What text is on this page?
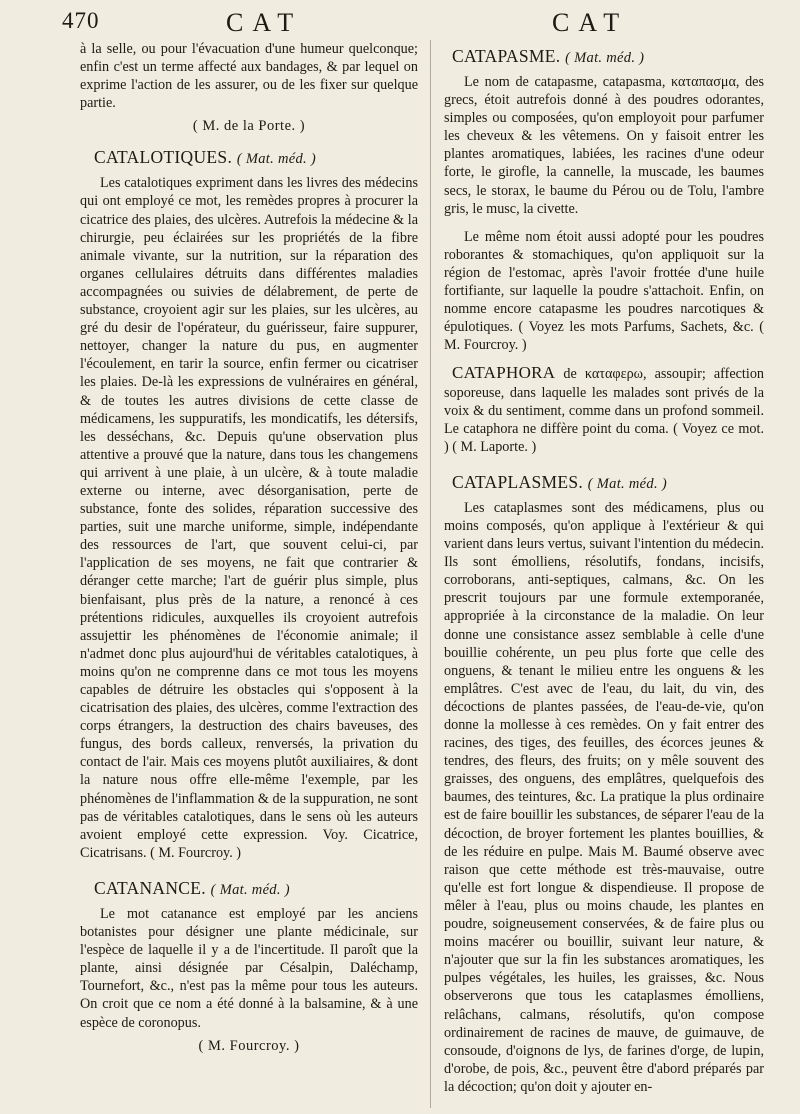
470	CAT	CAT

à la selle, ou pour l'évacuation d'une humeur quelconque; enfin c'est un terme affecté aux bandages, & par lequel on exprime l'action de les assurer, ou de les fixer sur quelque partie.

( M. de la Porte. )
CATALOTIQUES. ( Mat. méd. )

Les catalotiques expriment dans les livres des médecins qui ont employé ce mot, les remèdes propres à procurer la cicatrice des plaies, des ulcères. Autrefois la médecine & la chirurgie, peu éclairées sur les propriétés de la fibre animale vivante, sur la nutrition, sur la réparation des organes cellulaires détruits dans différentes maladies accompagnées ou suivies de délabrement, de perte de substance, croyoient agir sur les plaies, sur les ulcères, au gré du desir de l'opérateur, du guérisseur, faire suppurer, nettoyer, changer la nature du pus, en augmenter l'écoulement, en tarir la source, enfin fermer ou cicatriser les plaies. De-là les expressions de vulnéraires en général, & de toutes les autres divisions de cette classe de médicamens, les suppuratifs, les mondicatifs, les détersifs, les desséchans, &c. Depuis qu'une observation plus attentive a prouvé que la nature, dans tous les changemens qui arrivent à une plaie, à un ulcère, & à toute maladie externe ou interne, avec désorganisation, perte de substance, fonte des solides, réparation successive des parties, suit une marche uniforme, simple, indépendante des ressources de l'art, que souvent celui-ci, par l'application de ses moyens, ne fait que contrarier & déranger cette marche; l'art de guérir plus simple, plus bienfaisant, plus près de la nature, a renoncé à ces prétentions ridicules, auxquelles ils croyoient autrefois assujettir les phénomènes de l'économie animale; il n'admet donc plus aujourd'hui de véritables catalotiques, à moins qu'on ne comprenne dans ce mot tous les moyens capables de détruire les obstacles qui s'opposent à la cicatrisation des plaies, des ulcères, comme l'extraction des corps étrangers, la destruction des chairs baveuses, des fungus, des bords calleux, renversés, la privation du contact de l'air. Mais ces moyens plutôt auxiliaires, & dont la nature nous offre elle-même l'exemple, par les phénomènes de l'inflammation & de la suppuration, ne sont pas de véritables catalotiques, dans le sens où les auteurs avoient employé cette expression. Voy. Cicatrice, Cicatrisans. ( M. Fourcroy. )

CATANANCE. ( Mat. méd. )

Le mot catanance est employé par les anciens botanistes pour désigner une plante médicinale, sur l'espèce de laquelle il y a de l'incertitude. Il paroît que la plante, ainsi désignée par Césalpin, Daléchamp, Tournefort, &c., n'est pas la même pour tous les auteurs. On croit que ce nom a été donné à la balsamine, & à une espèce de coronopus.

( M. Fourcroy. )
CATAPASME. ( Mat. méd. )

Le nom de catapasme, catapasma, καταπασμα, des grecs, étoit autrefois donné à des poudres odorantes, simples ou composées, qu'on employoit pour parfumer les cheveux & les vêtemens. On y faisoit entrer les plantes aromatiques, labiées, les racines d'une odeur forte, le girofle, la cannelle, la muscade, les baumes secs, le storax, le baume du Pérou ou de Tolu, l'ambre gris, le musc, la civette.

Le même nom étoit aussi adopté pour les poudres roborantes & stomachiques, qu'on appliquoit sur la région de l'estomac, après l'avoir frottée d'une huile fortifiante, sur laquelle la poudre s'attachoit. Enfin, on nomme encore catapasme les poudres narcotiques & épulotiques. ( Voyez les mots Parfums, Sachets, &c. ( M. Fourcroy. )

CATAPHORA de καταφερω, assoupir; affection soporeuse, dans laquelle les malades sont privés de la voix & du sentiment, comme dans un profond sommeil. Le cataphora ne diffère point du coma. ( Voyez ce mot. ) ( M. Laporte. )

CATAPLASMES. ( Mat. méd. )

Les cataplasmes sont des médicamens, plus ou moins composés, qu'on applique à l'extérieur & qui varient dans leurs vertus, suivant l'intention du médecin. Ils sont émolliens, résolutifs, fondans, incisifs, corroborans, anti-septiques, calmans, &c. On les prescrit toujours par une formule extemporanée, appropriée à la circonstance de la maladie. On leur donne une consistance assez semblable à celle d'une bouillie cohérente, un peu plus forte que celle des onguens, & tenant le milieu entre les onguens & les emplâtres. C'est avec de l'eau, du lait, du vin, des décoctions de plantes passées, de l'eau-de-vie, qu'on donne la mollesse à ces remèdes. On y fait entrer des racines, des tiges, des feuilles, des écorces jeunes & tendres, des fleurs, des fruits; on y mêle souvent des graisses, des onguens, des emplâtres, quelquefois des baumes, des teintures, &c. La pratique la plus ordinaire est de faire bouillir les substances, de séparer l'eau de la décoction, de broyer fortement les plantes bouillies, & de les réduire en pulpe. Mais M. Baumé observe avec raison que cette méthode est très-mauvaise, outre qu'elle est fort longue & dispendieuse. Il propose de mêler à l'eau, plus ou moins chaude, les plantes en poudre, soigneusement conservées, & de faire plus ou moins macérer ou bouillir, suivant leur nature, & n'ajouter que sur la fin les substances aromatiques, les pulpes végétales, les huiles, les graisses, &c. Nous observerons que tous les cataplasmes émolliens, relâchans, calmans, résolutifs, qu'on compose ordinairement de racines de mauve, de guimauve, de consoude, d'oignons de lys, de farines d'orge, de lupin, d'orobe, de pois, &c., peuvent être d'abord préparés par la décoction; qu'on doit y ajouter en-
